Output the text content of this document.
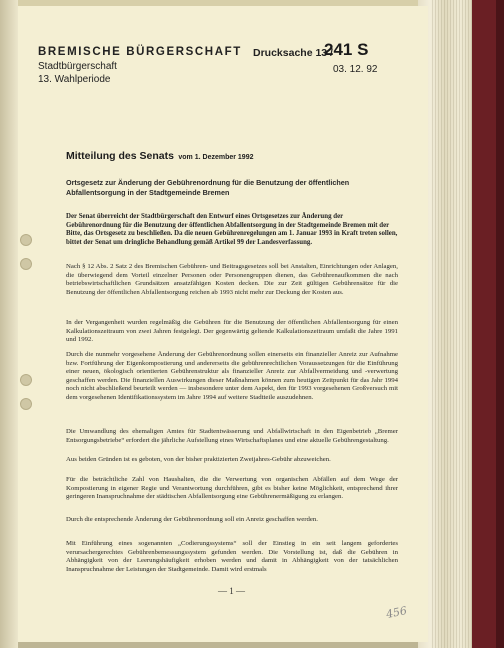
BREMISCHE BÜRGERSCHAFT
Stadtbürgerschaft
13. Wahlperiode
Drucksache 13 /
241 S
03. 12. 92
Mitteilung des Senats vom 1. Dezember 1992
Ortsgesetz zur Änderung der Gebührenordnung für die Benutzung der öffentlichen Abfallentsorgung in der Stadtgemeinde Bremen
Der Senat überreicht der Stadtbürgerschaft den Entwurf eines Ortsgesetzes zur Änderung der Gebührenordnung für die Benutzung der öffentlichen Abfallentsorgung in der Stadtgemeinde Bremen mit der Bitte, das Ortsgesetz zu beschließen. Da die neuen Gebührenregelungen am 1. Januar 1993 in Kraft treten sollen, bittet der Senat um dringliche Behandlung gemäß Artikel 99 der Landesverfassung.
Nach § 12 Abs. 2 Satz 2 des Bremischen Gebühren- und Beitragsgesetzes soll bei Anstalten, Einrichtungen oder Anlagen, die überwiegend dem Vorteil einzelner Personen oder Personengruppen dienen, das Gebührenaufkommen die nach betriebswirtschaftlichen Grundsätzen ansatzfähigen Kosten decken. Die zur Zeit gültigen Gebührensätze für die Benutzung der öffentlichen Abfallentsorgung reichen ab 1993 nicht mehr zur Deckung der Kosten aus.
In der Vergangenheit wurden regelmäßig die Gebühren für die Benutzung der öffentlichen Abfallentsorgung für einen Kalkulationszeitraum von zwei Jahren festgelegt. Der gegenwärtig geltende Kalkulationszeitraum umfaßt die Jahre 1991 und 1992.
Durch die nunmehr vorgesehene Änderung der Gebührenordnung sollen einerseits ein finanzieller Anreiz zur Aufnahme bzw. Fortführung der Eigenkompostierung und andererseits die gebührenrechtlichen Voraussetzungen für die Einführung einer neuen, ökologisch orientierten Gebührenstruktur als finanzieller Anreiz zur Abfallvermeidung und -verwertung geschaffen werden. Die finanziellen Auswirkungen dieser Maßnahmen können zum heutigen Zeitpunkt für das Jahr 1994 noch nicht abschließend beurteilt werden — insbesondere unter dem Aspekt, den für 1993 vorgesehenen Großversuch mit dem vorgesehenen Identifikationssystem im Jahre 1994 auf weitere Stadtteile auszudehnen.
Die Umwandlung des ehemaligen Amtes für Stadtentwässerung und Abfallwirtschaft in den Eigenbetrieb „Bremer Entsorgungsbetriebe“ erfordert die jährliche Aufstellung eines Wirtschaftsplanes und eine aktuelle Gebührengestaltung.
Aus beiden Gründen ist es geboten, von der bisher praktizierten Zweijahres-Gebühr abzuweichen.
Für die beträchtliche Zahl von Haushalten, die die Verwertung von organischen Abfällen auf dem Wege der Kompostierung in eigener Regie und Verantwortung durchführen, gibt es bisher keine Möglichkeit, entsprechend ihrer geringeren Inanspruchnahme der städtischen Abfallentsorgung eine Gebührenermäßigung zu erlangen.
Durch die entsprechende Änderung der Gebührenordnung soll ein Anreiz geschaffen werden.
Mit Einführung eines sogenannten „Codierungssystems“ soll der Einstieg in ein seit langem gefordertes verursachergerechtes Gebührenbemessungssystem gefunden werden. Die Vorstellung ist, daß die Gebühren in Abhängigkeit von der Leerungshäufigkeit erhoben werden und damit in Abhängigkeit von der tatsächlichen Inanspruchnahme der Leistungen der Stadtgemeinde. Damit wird erstmals
— 1 —
456
